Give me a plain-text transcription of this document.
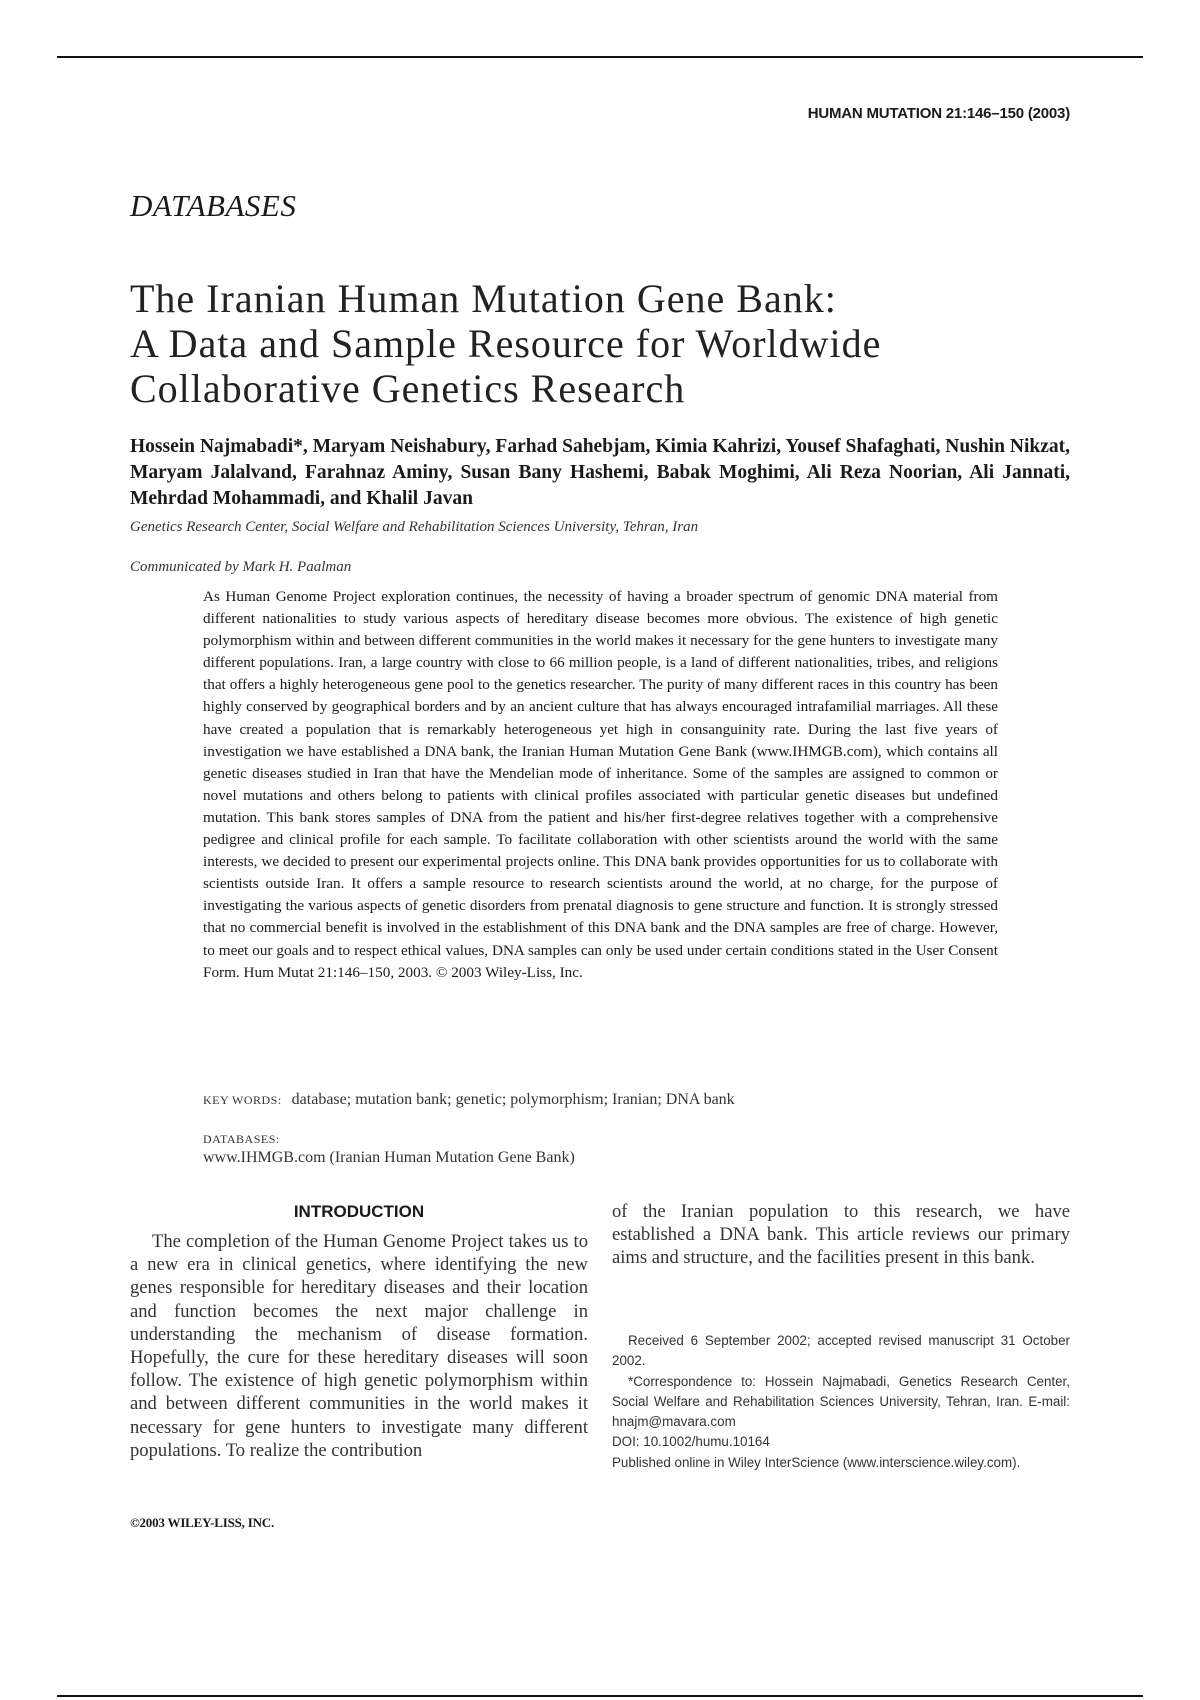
HUMAN MUTATION 21:146–150 (2003)
DATABASES
The Iranian Human Mutation Gene Bank:
A Data and Sample Resource for Worldwide
Collaborative Genetics Research

Hossein Najmabadi*, Maryam Neishabury, Farhad Sahebjam, Kimia Kahrizi, Yousef Shafaghati, Nushin Nikzat, Maryam Jalalvand, Farahnaz Aminy, Susan Bany Hashemi, Babak Moghimi, Ali Reza Noorian, Ali Jannati, Mehrdad Mohammadi, and Khalil Javan

Genetics Research Center, Social Welfare and Rehabilitation Sciences University, Tehran, Iran
Communicated by Mark H. Paalman

As Human Genome Project exploration continues, the necessity of having a broader spectrum of genomic DNA material from different nationalities to study various aspects of hereditary disease becomes more obvious. The existence of high genetic polymorphism within and between different communities in the world makes it necessary for the gene hunters to investigate many different populations. Iran, a large country with close to 66 million people, is a land of different nationalities, tribes, and religions that offers a highly heterogeneous gene pool to the genetics researcher. The purity of many different races in this country has been highly conserved by geographical borders and by an ancient culture that has always encouraged intrafamilial marriages. All these have created a population that is remarkably heterogeneous yet high in consanguinity rate. During the last five years of investigation we have established a DNA bank, the Iranian Human Mutation Gene Bank (www.IHMGB.com), which contains all genetic diseases studied in Iran that have the Mendelian mode of inheritance. Some of the samples are assigned to common or novel mutations and others belong to patients with clinical profiles associated with particular genetic diseases but undefined mutation. This bank stores samples of DNA from the patient and his/her first-degree relatives together with a comprehensive pedigree and clinical profile for each sample. To facilitate collaboration with other scientists around the world with the same interests, we decided to present our experimental projects online. This DNA bank provides opportunities for us to collaborate with scientists outside Iran. It offers a sample resource to research scientists around the world, at no charge, for the purpose of investigating the various aspects of genetic disorders from prenatal diagnosis to gene structure and function. It is strongly stressed that no commercial benefit is involved in the establishment of this DNA bank and the DNA samples are free of charge. However, to meet our goals and to respect ethical values, DNA samples can only be used under certain conditions stated in the User Consent Form. Hum Mutat 21:146–150, 2003. © 2003 Wiley-Liss, Inc.

KEY WORDS: database; mutation bank; genetic; polymorphism; Iranian; DNA bank
DATABASES:
www.IHMGB.com (Iranian Human Mutation Gene Bank)
INTRODUCTION

The completion of the Human Genome Project takes us to a new era in clinical genetics, where identifying the new genes responsible for hereditary diseases and their location and function becomes the next major challenge in understanding the mechanism of disease formation. Hopefully, the cure for these hereditary diseases will soon follow. The existence of high genetic polymorphism within and between different communities in the world makes it necessary for gene hunters to investigate many different populations. To realize the contribution

of the Iranian population to this research, we have established a DNA bank. This article reviews our primary aims and structure, and the facilities present in this bank.

Received 6 September 2002; accepted revised manuscript 31 October 2002.

*Correspondence to: Hossein Najmabadi, Genetics Research Center, Social Welfare and Rehabilitation Sciences University, Tehran, Iran. E-mail: hnajm@mavara.com

DOI: 10.1002/humu.10164

Published online in Wiley InterScience (www.interscience.wiley.com).

©2003 WILEY-LISS, INC.
